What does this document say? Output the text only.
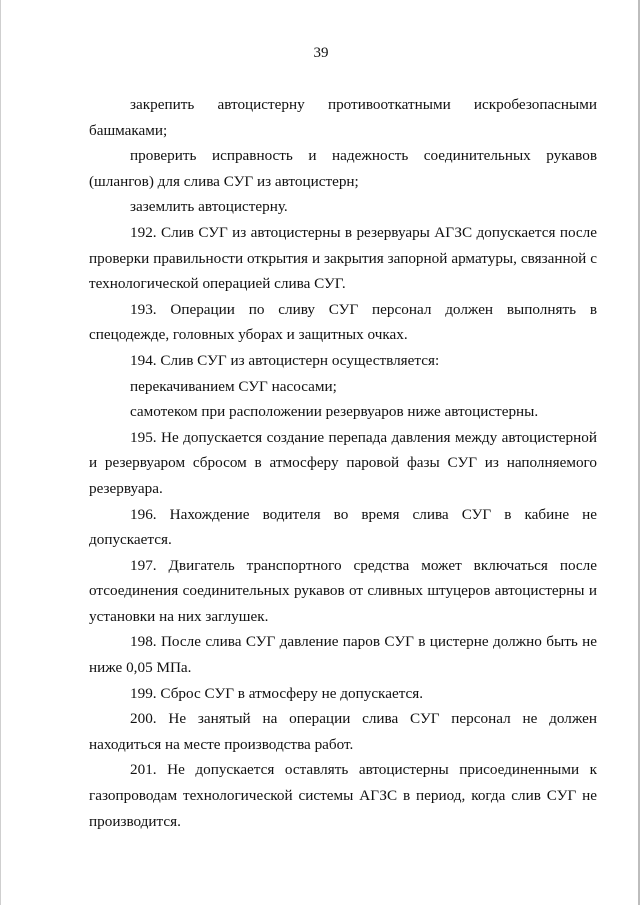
39

закрепить автоцистерну противооткатными искробезопасными башмаками;

проверить исправность и надежность соединительных рукавов (шлангов) для слива СУГ из автоцистерн;

заземлить автоцистерну.

192. Слив СУГ из автоцистерны в резервуары АГЗС допускается после проверки правильности открытия и закрытия запорной арматуры, связанной с технологической операцией слива СУГ.

193. Операции по сливу СУГ персонал должен выполнять в спецодежде, головных уборах и защитных очках.

194. Слив СУГ из автоцистерн осуществляется:

перекачиванием СУГ насосами;

самотеком при расположении резервуаров ниже автоцистерны.

195. Не допускается создание перепада давления между автоцистерной и резервуаром сбросом в атмосферу паровой фазы СУГ из наполняемого резервуара.

196. Нахождение водителя во время слива СУГ в кабине не допускается.

197. Двигатель транспортного средства может включаться после отсоединения соединительных рукавов от сливных штуцеров автоцистерны и установки на них заглушек.

198. После слива СУГ давление паров СУГ в цистерне должно быть не ниже 0,05 МПа.

199. Сброс СУГ в атмосферу не допускается.

200. Не занятый на операции слива СУГ персонал не должен находиться на месте производства работ.

201. Не допускается оставлять автоцистерны присоединенными к газопроводам технологической системы АГЗС в период, когда слив СУГ не производится.
